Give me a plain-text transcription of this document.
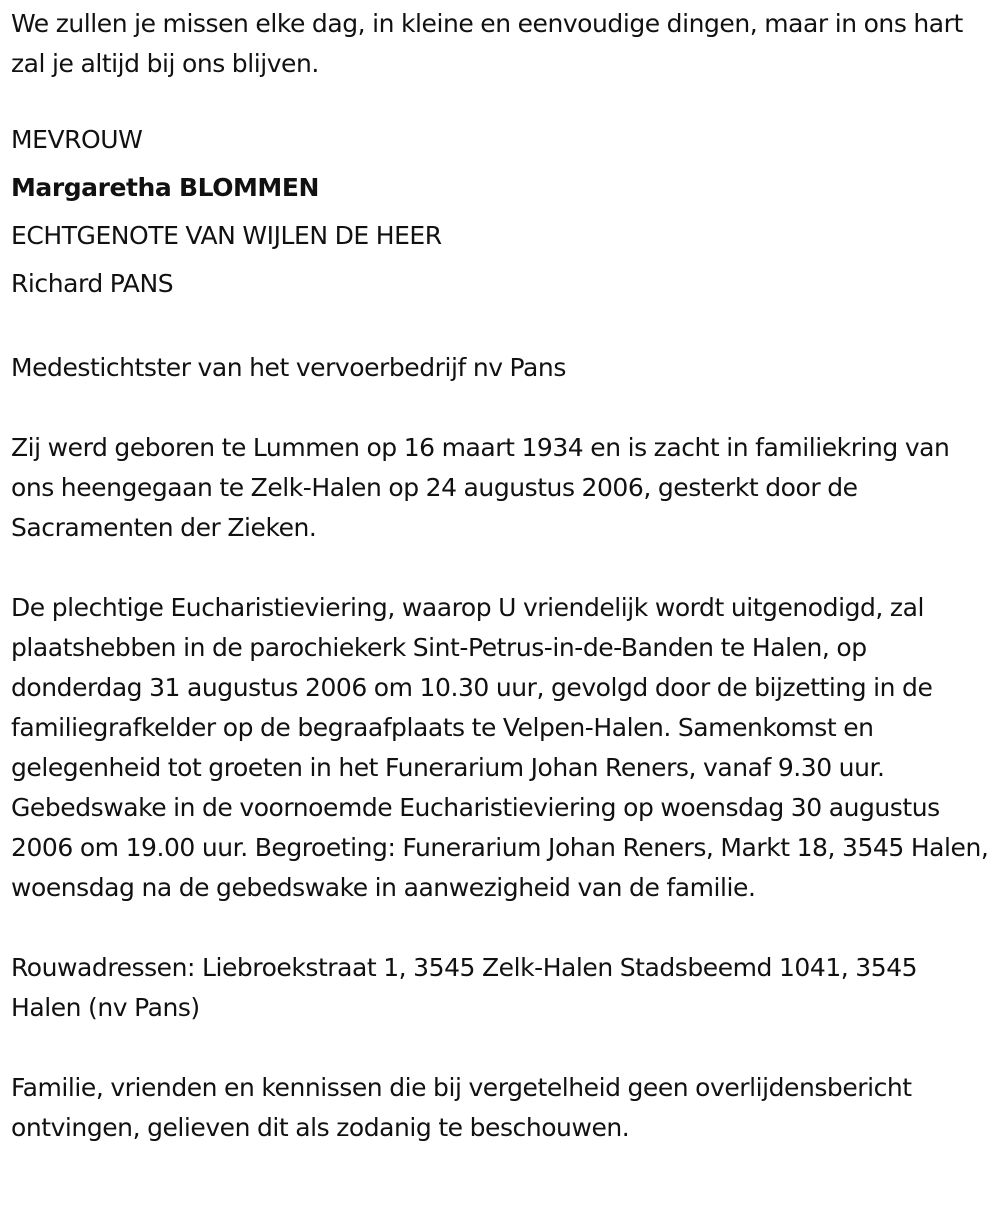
We zullen je missen elke dag, in kleine en eenvoudige dingen, maar in ons hart zal je altijd bij ons blijven.

MEVROUW

Margaretha BLOMMEN

ECHTGENOTE VAN WIJLEN DE HEER

Richard PANS

Medestichtster van het vervoerbedrijf nv Pans

Zij werd geboren te Lummen op 16 maart 1934 en is zacht in familiekring van ons heengegaan te Zelk-Halen op 24 augustus 2006, gesterkt door de Sacramenten der Zieken.

De plechtige Eucharistieviering, waarop U vriendelijk wordt uitgenodigd, zal plaatshebben in de parochiekerk Sint-Petrus-in-de-Banden te Halen, op donderdag 31 augustus 2006 om 10.30 uur, gevolgd door de bijzetting in de familiegrafkelder op de begraafplaats te Velpen-Halen. Samenkomst en gelegenheid tot groeten in het Funerarium Johan Reners, vanaf 9.30 uur. Gebedswake in de voornoemde Eucharistieviering op woensdag 30 augustus 2006 om 19.00 uur. Begroeting: Funerarium Johan Reners, Markt 18, 3545 Halen, woensdag na de gebedswake in aanwezigheid van de familie.

Rouwadressen: Liebroekstraat 1, 3545 Zelk-Halen Stadsbeemd 1041, 3545 Halen (nv Pans)

Familie, vrienden en kennissen die bij vergetelheid geen overlijdensbericht ontvingen, gelieven dit als zodanig te beschouwen.
